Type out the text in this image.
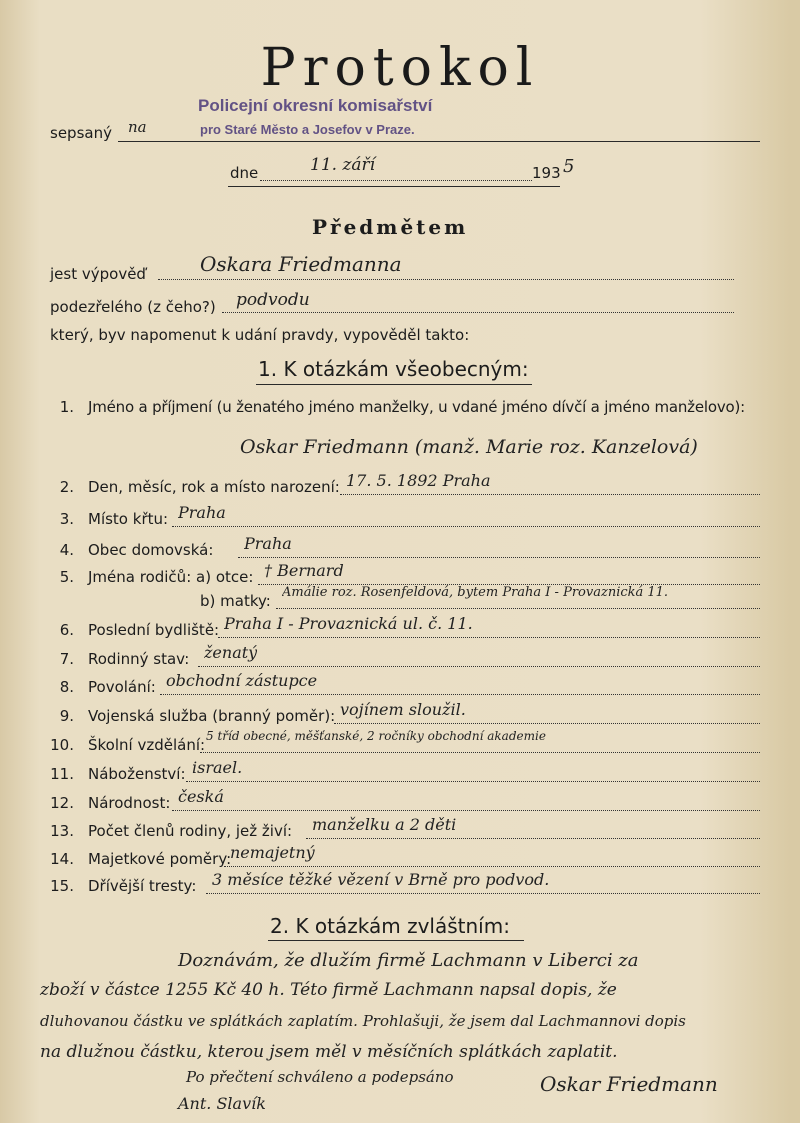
Protokol
Policejní okresní komisařství
pro Staré Město a Josefov v Praze.
sepsaný na
dne	11. září	193 5
Předmětem
jest výpověď	Oskara Friedmanna
podezřelého (z čeho?) podvodu
který, byv napomenut k udání pravdy, vypověděl takto:
1. K otázkám všeobecným:
1. Jméno a příjmení (u ženatého jméno manželky, u vdané jméno dívčí a jméno manželovo):
Oskar Friedmann (manž. Marie roz. Kanzelová)
2. Den, měsíc, rok a místo narození: 17. 5. 1892 Praha
3. Místo křtu: Praha
4. Obec domovská: Praha
5. Jména rodičů: a) otce: † Bernard
b) matky: Amálie roz. Rosenfeldová, bytem Praha I - Provaznická 11.
6. Poslední bydliště: Praha I - Provaznická ul. č. 11.
7. Rodinný stav: ženatý
8. Povolání: obchodní zástupce
9. Vojenská služba (branný poměr): vojínem sloužil.
10. Školní vzdělání: 5 tříd obecné, měšťanské, 2 ročníky obchodní akademie
11. Náboženství: israel.
12. Národnost: česká
13. Počet členů rodiny, jež živí: manželku a 2 děti
14. Majetkové poměry:
nemajetný
15. Dřívější tresty: 3 měsíce těžké vězení v Brně pro podvod.
2. K otázkám zvláštním:
Doznávám, že dlužím firmě Lachmann v Liberci za
zboží v částce 1255 Kč 40 h. Této firmě Lachmann napsal dopis, že
dluhovanou částku ve splátkách zaplatím. Prohlašuji, že jsem dal Lachmannovi dopis
na dlužnou částku, kterou jsem měl v měsíčních splátkách zaplatit.
Po přečtení schváleno a podepsáno	Oskar Friedmann
Ant. Slavík
